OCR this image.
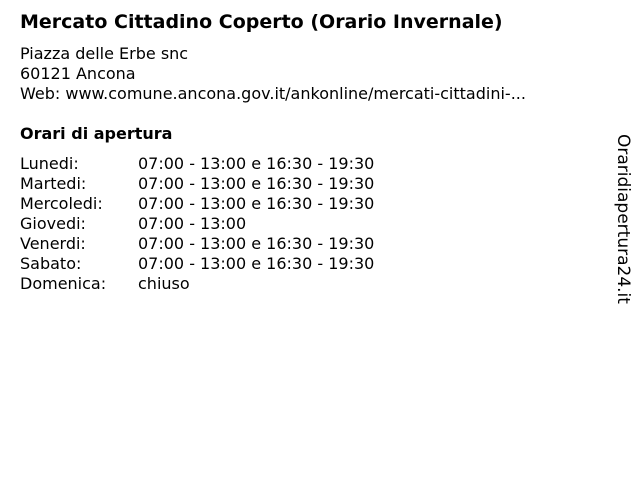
Mercato Cittadino Coperto (Orario Invernale)
Piazza delle Erbe snc
60121 Ancona
Web: www.comune.ancona.gov.it/ankonline/mercati-cittadini-...
Orari di apertura
Lunedi:	07:00 - 13:00 e 16:30 - 19:30
Martedi:	07:00 - 13:00 e 16:30 - 19:30
Mercoledi: 07:00 - 13:00 e 16:30 - 19:30
Giovedi:	07:00 - 13:00
Venerdi:	07:00 - 13:00 e 16:30 - 19:30
Sabato:	07:00 - 13:00 e 16:30 - 19:30
Domenica: chiuso	Oraridiapertura24.it
